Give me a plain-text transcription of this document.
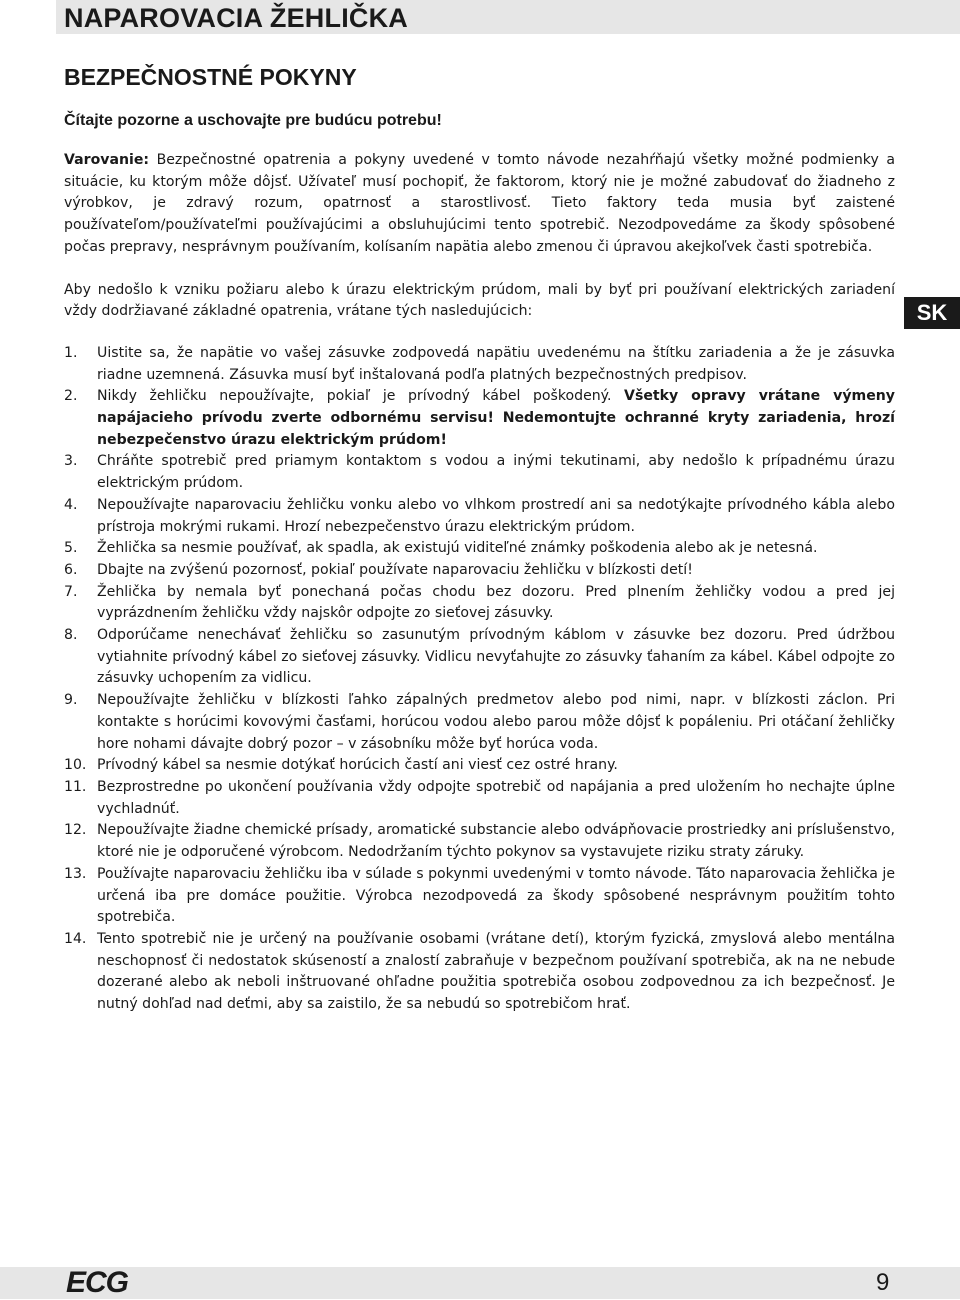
NAPAROVACIA ŽEHLIČKA
BEZPEČNOSTNÉ POKYNY
Čítajte pozorne a uschovajte pre budúcu potrebu!
SK

Varovanie: Bezpečnostné opatrenia a pokyny uvedené v tomto návode nezahŕňajú všetky možné podmienky a situácie, ku ktorým môže dôjsť. Užívateľ musí pochopiť, že faktorom, ktorý nie je možné zabudovať do žiadneho z výrobkov, je zdravý rozum, opatrnosť a starostlivosť. Tieto faktory teda musia byť zaistené používateľom/používateľmi používajúcimi a obsluhujúcimi tento spotrebič. Nezodpovedáme za škody spôsobené počas prepravy, nesprávnym používaním, kolísaním napätia alebo zmenou či úpravou akejkoľvek časti spotrebiča.

Aby nedošlo k vzniku požiaru alebo k úrazu elektrickým prúdom, mali by byť pri používaní elektrických zariadení vždy dodržiavané základné opatrenia, vrátane tých nasledujúcich:

1.	Uistite sa, že napätie vo vašej zásuvke zodpovedá napätiu uvedenému na štítku zariadenia a že je zásuvka riadne uzemnená. Zásuvka musí byť inštalovaná podľa platných bezpečnostných predpisov.
2.	Nikdy žehličku nepoužívajte, pokiaľ je prívodný kábel poškodený. Všetky opravy vrátane výmeny napájacieho prívodu zverte odbornému servisu! Nedemontujte ochranné kryty zariadenia, hrozí nebezpečenstvo úrazu elektrickým prúdom!
3.	Chráňte spotrebič pred priamym kontaktom s vodou a inými tekutinami, aby nedošlo k prípadnému úrazu elektrickým prúdom.
4.	Nepoužívajte naparovaciu žehličku vonku alebo vo vlhkom prostredí ani sa nedotýkajte prívodného kábla alebo prístroja mokrými rukami. Hrozí nebezpečenstvo úrazu elektrickým prúdom.
5.	Žehlička sa nesmie používať, ak spadla, ak existujú viditeľné známky poškodenia alebo ak je netesná.
6.	Dbajte na zvýšenú pozornosť, pokiaľ používate naparovaciu žehličku v blízkosti detí!
7.	Žehlička by nemala byť ponechaná počas chodu bez dozoru. Pred plnením žehličky vodou a pred jej vyprázdnením žehličku vždy najskôr odpojte zo sieťovej zásuvky.
8.	Odporúčame nenechávať žehličku so zasunutým prívodným káblom v zásuvke bez dozoru. Pred údržbou vytiahnite prívodný kábel zo sieťovej zásuvky. Vidlicu nevyťahujte zo zásuvky ťahaním za kábel. Kábel odpojte zo zásuvky uchopením za vidlicu.
9.	Nepoužívajte žehličku v blízkosti ľahko zápalných predmetov alebo pod nimi, napr. v blízkosti záclon. Pri kontakte s horúcimi kovovými časťami, horúcou vodou alebo parou môže dôjsť k popáleniu. Pri otáčaní žehličky hore nohami dávajte dobrý pozor – v zásobníku môže byť horúca voda.
10. Prívodný kábel sa nesmie dotýkať horúcich častí ani viesť cez ostré hrany.
11. Bezprostredne po ukončení používania vždy odpojte spotrebič od napájania a pred uložením ho nechajte úplne vychladnúť.
12. Nepoužívajte žiadne chemické prísady, aromatické substancie alebo odvápňovacie prostriedky ani príslušenstvo, ktoré nie je odporučené výrobcom. Nedodržaním týchto pokynov sa vystavujete riziku straty záruky.
13. Používajte naparovaciu žehličku iba v súlade s pokynmi uvedenými v tomto návode. Táto naparovacia žehlička je určená iba pre domáce použitie. Výrobca nezodpovedá za škody spôsobené nesprávnym použitím tohto spotrebiča.
14. Tento spotrebič nie je určený na používanie osobami (vrátane detí), ktorým fyzická, zmyslová alebo mentálna neschopnosť či nedostatok skúseností a znalostí zabraňuje v bezpečnom používaní spotrebiča, ak na ne nebude dozerané alebo ak neboli inštruované ohľadne použitia spotrebiča osobou zodpovednou za ich bezpečnosť. Je nutný dohľad nad deťmi, aby sa zaistilo, že sa nebudú so spotrebičom hrať.
ECG	9
